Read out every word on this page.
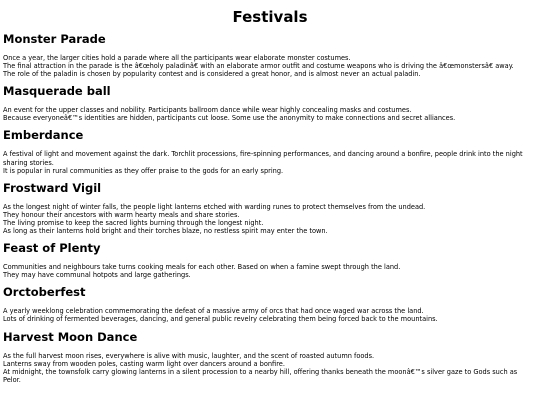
Festivals
Monster Parade

Once a year, the larger cities hold a parade where all the participants wear elaborate monster costumes.

The final attraction in the parade is the â€œholy paladinâ€ with an elaborate armor outfit and costume weapons who is driving the â€œmonstersâ€ away.

The role of the paladin is chosen by popularity contest and is considered a great honor, and is almost never an actual paladin.

Masquerade ball

An event for the upper classes and nobility. Participants ballroom dance while wear highly concealing masks and costumes.

Because everyoneâ€™s identities are hidden, participants cut loose. Some use the anonymity to make connections and secret alliances.

Emberdance

A festival of light and movement against the dark. Torchlit processions, fire-spinning performances, and dancing around a bonfire, people drink into the night sharing stories.

It is popular in rural communities as they offer praise to the gods for an early spring.

Frostward Vigil

As the longest night of winter falls, the people light lanterns etched with warding runes to protect themselves from the undead.

They honour their ancestors with warm hearty meals and share stories.

The living promise to keep the sacred lights burning through the longest night.

As long as their lanterns hold bright and their torches blaze, no restless spirit may enter the town.

Feast of Plenty

Communities and neighbours take turns cooking meals for each other. Based on when a famine swept through the land.

They may have communal hotpots and large gatherings.

Orctoberfest

A yearly weeklong celebration commemorating the defeat of a massive army of orcs that had once waged war across the land.

Lots of drinking of fermented beverages, dancing, and general public revelry celebrating them being forced back to the mountains.

Harvest Moon Dance

As the full harvest moon rises, everywhere is alive with music, laughter, and the scent of roasted autumn foods.

Lanterns sway from wooden poles, casting warm light over dancers around a bonfire.

At midnight, the townsfolk carry glowing lanterns in a silent procession to a nearby hill, offering thanks beneath the moonâ€™s silver gaze to Gods such as Pelor.
